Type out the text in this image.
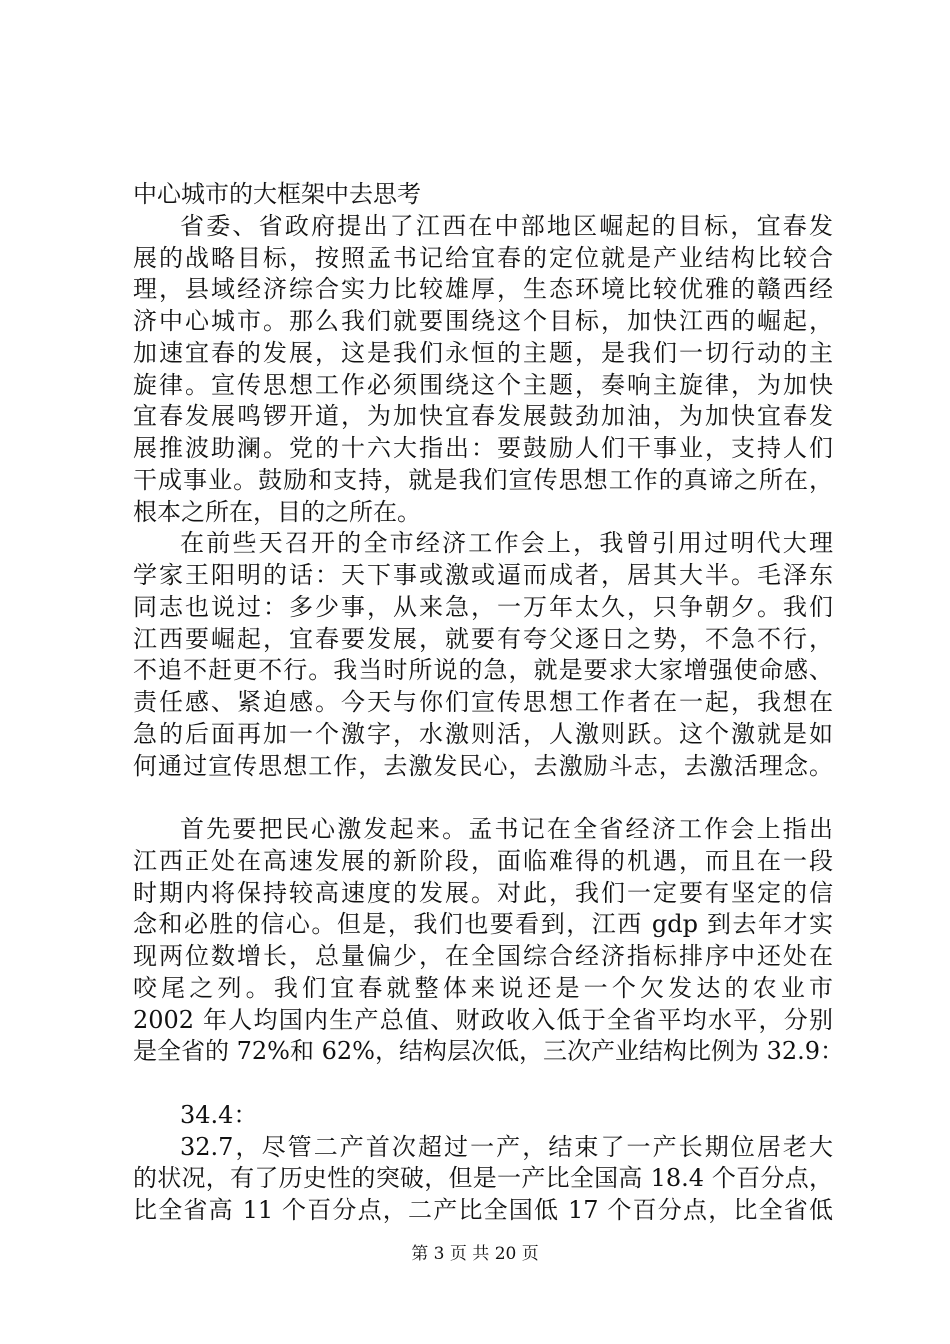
中心城市的大框架中去思考
省委、省政府提出了江西在中部地区崛起的目标，宜春发
展的战略目标，按照孟书记给宜春的定位就是产业结构比较合
理，县域经济综合实力比较雄厚，生态环境比较优雅的赣西经
济中心城市。那么我们就要围绕这个目标，加快江西的崛起，
加速宜春的发展，这是我们永恒的主题，是我们一切行动的主
旋律。宣传思想工作必须围绕这个主题，奏响主旋律，为加快
宜春发展鸣锣开道，为加快宜春发展鼓劲加油，为加快宜春发
展推波助澜。党的十六大指出：要鼓励人们干事业，支持人们
干成事业。鼓励和支持，就是我们宣传思想工作的真谛之所在，
根本之所在，目的之所在。
在前些天召开的全市经济工作会上，我曾引用过明代大理
学家王阳明的话：天下事或激或逼而成者，居其大半。毛泽东
同志也说过：多少事，从来急，一万年太久，只争朝夕。我们
江西要崛起，宜春要发展，就要有夸父逐日之势，不急不行，
不追不赶更不行。我当时所说的急，就是要求大家增强使命感、
责任感、紧迫感。今天与你们宣传思想工作者在一起，我想在
急的后面再加一个激字，水激则活，人激则跃。这个激就是如
何通过宣传思想工作，去激发民心，去激励斗志，去激活理念。
首先要把民心激发起来。孟书记在全省经济工作会上指出
江西正处在高速发展的新阶段，面临难得的机遇，而且在一段
时期内将保持较高速度的发展。对此，我们一定要有坚定的信
念和必胜的信心。但是，我们也要看到，江西 gdp 到去年才实
现两位数增长，总量偏少，在全国综合经济指标排序中还处在
咬尾之列。我们宜春就整体来说还是一个欠发达的农业市
2002 年人均国内生产总值、财政收入低于全省平均水平，分别
是全省的 72%和 62%，结构层次低，三次产业结构比例为 32.9：
34.4：
32.7，尽管二产首次超过一产，结束了一产长期位居老大
的状况，有了历史性的突破，但是一产比全国高 18.4 个百分点，
比全省高 11 个百分点，二产比全国低 17 个百分点，比全省低
第 3 页 共 20 页
